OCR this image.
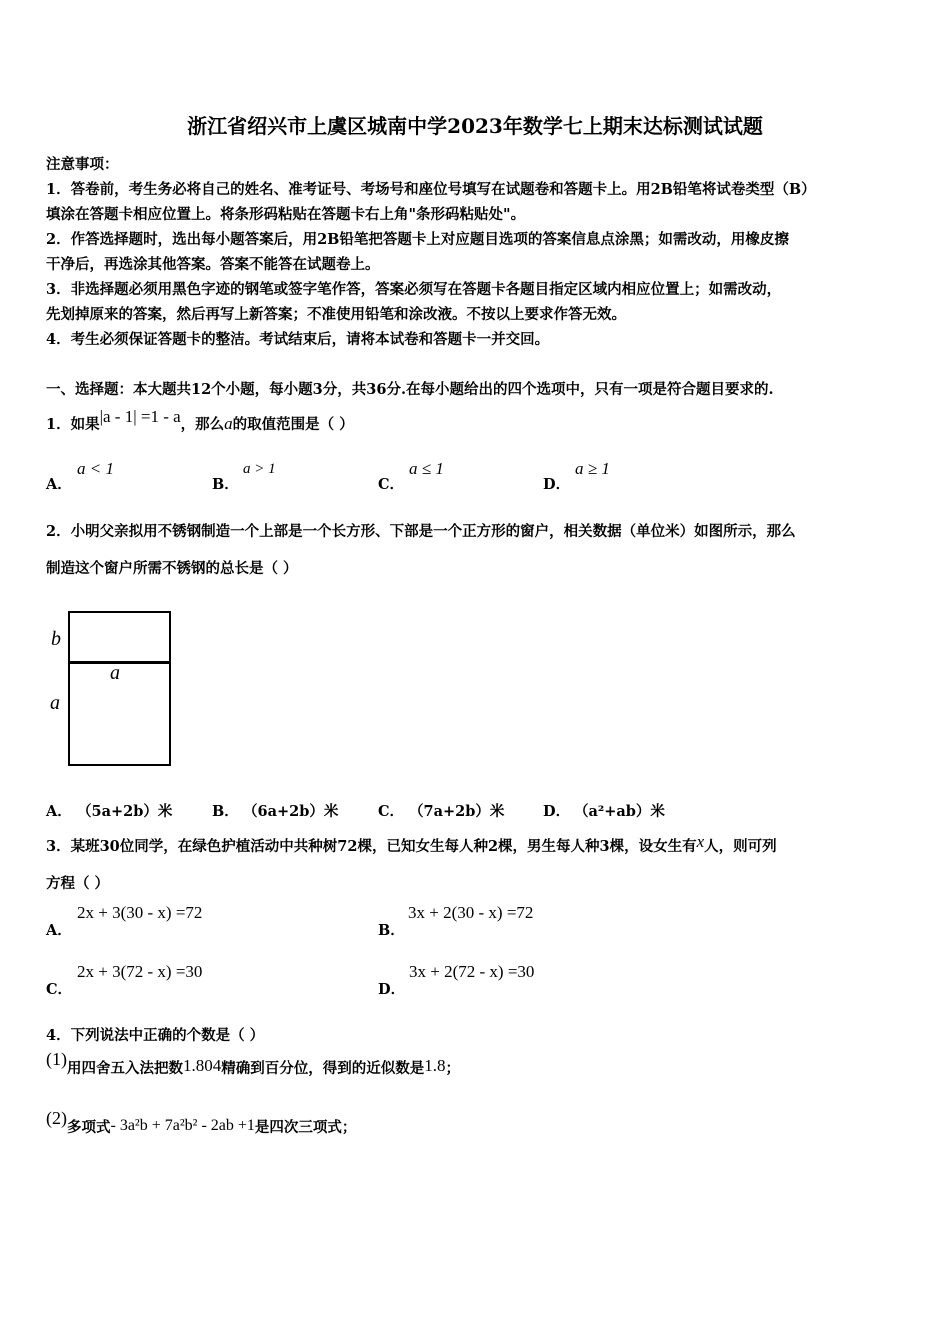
浙江省绍兴市上虞区城南中学2023年数学七上期末达标测试试题
注意事项：
1．答卷前，考生务必将自己的姓名、准考证号、考场号和座位号填写在试题卷和答题卡上。用2B铅笔将试卷类型（B）
填涂在答题卡相应位置上。将条形码粘贴在答题卡右上角"条形码粘贴处"。
2．作答选择题时，选出每小题答案后，用2B铅笔把答题卡上对应题目选项的答案信息点涂黑；如需改动，用橡皮擦
干净后，再选涂其他答案。答案不能答在试题卷上。
3．非选择题必须用黑色字迹的钢笔或签字笔作答，答案必须写在答题卡各题目指定区域内相应位置上；如需改动，
先划掉原来的答案，然后再写上新答案；不准使用铅笔和涂改液。不按以上要求作答无效。
4．考生必须保证答题卡的整洁。考试结束后，请将本试卷和答题卡一并交回。
一、选择题：本大题共12个小题，每小题3分，共36分.在每小题给出的四个选项中，只有一项是符合题目要求的.
1．如果|a - 1| =1 - a，那么a的取值范围是（ ）
A．
a < 1
B．
a > 1
C．
a ≤ 1
D．
a ≥ 1
2．小明父亲拟用不锈钢制造一个上部是一个长方形、下部是一个正方形的窗户，相关数据（单位米）如图所示，那么
制造这个窗户所需不锈钢的总长是（ ）
b
a
a
A． （5a+2b）米	B． （6a+2b）米	C． （7a+2b）米	D． （a²+ab）米
3．某班30位同学，在绿色护植活动中共种树72棵，已知女生每人种2棵，男生每人种3棵，设女生有x人，则可列
方程（ ）
A．
2x + 3(30 - x) =72
B．
3x + 2(30 - x) =72
C．
2x + 3(72 - x) =30
D．
3x + 2(72 - x) =30
4．下列说法中正确的个数是（ ）
(1)用四舍五入法把数1.804精确到百分位，得到的近似数是1.8；
(2)多项式- 3a²b + 7a²b² - 2ab +1是四次三项式；
